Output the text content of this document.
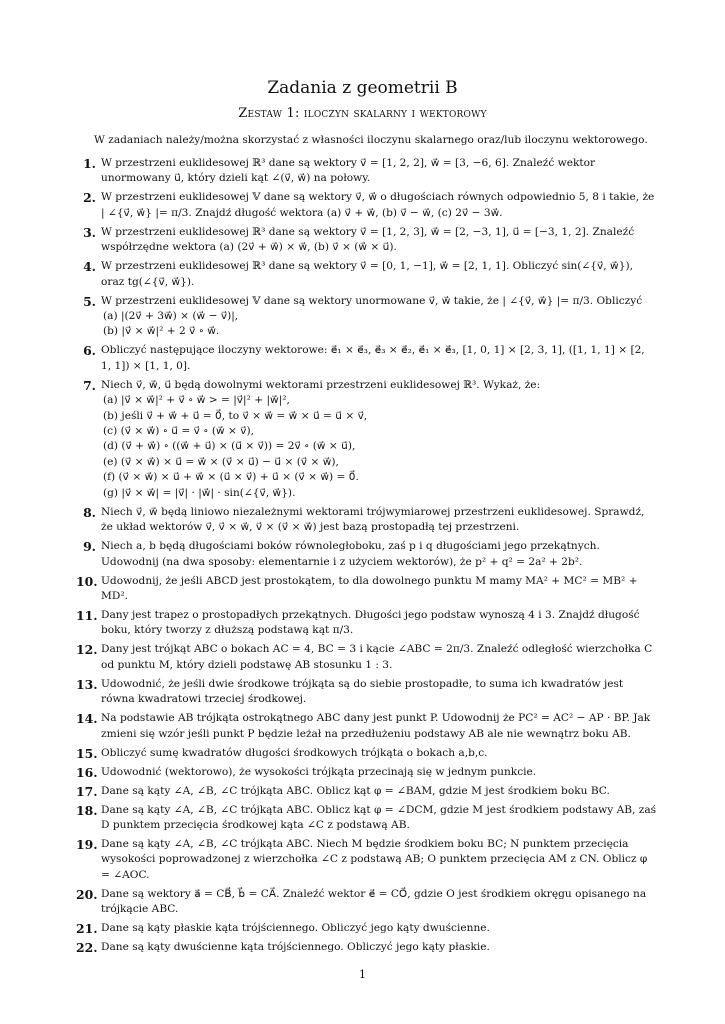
Zadania z geometrii B
Zestaw 1: iloczyn skalarny i wektorowy
W zadaniach należy/można skorzystać z własności iloczynu skalarnego oraz/lub iloczynu wektorowego.
1. W przestrzeni euklidesowej ℝ³ dane są wektory v⃗ = [1, 2, 2], w⃗ = [3, −6, 6]. Znaleźć wektor unormowany u⃗, który dzieli kąt ∠(v⃗, w⃗) na połowy.
2. W przestrzeni euklidesowej 𝕍 dane są wektory v⃗, w⃗ o długościach równych odpowiednio 5, 8 i takie, że | ∠{v⃗, w⃗} |= π/3. Znajdź długość wektora (a) v⃗ + w⃗, (b) v⃗ − w⃗, (c) 2v⃗ − 3w⃗.
3. W przestrzeni euklidesowej ℝ³ dane są wektory v⃗ = [1, 2, 3], w⃗ = [2, −3, 1], u⃗ = [−3, 1, 2]. Znaleźć współrzędne wektora (a) (2v⃗ + w⃗) × w⃗, (b) v⃗ × (w⃗ × u⃗).
4. W przestrzeni euklidesowej ℝ³ dane są wektory v⃗ = [0, 1, −1], w⃗ = [2, 1, 1]. Obliczyć sin(∠{v⃗, w⃗}), oraz tg(∠{v⃗, w⃗}).
5. W przestrzeni euklidesowej 𝕍 dane są wektory unormowane v⃗, w⃗ takie, że | ∠{v⃗, w⃗} |= π/3. Obliczyć
(a) |(2v⃗ + 3w⃗) × (w⃗ − v⃗)|,
(b) |v⃗ × w⃗|² + 2 v⃗ ∘ w⃗.
6. Obliczyć następujące iloczyny wektorowe: e⃗₁ × e⃗₃, e⃗₃ × e⃗₂, e⃗₁ × e⃗₃, [1, 0, 1] × [2, 3, 1], ([1, 1, 1] × [2, 1, 1]) × [1, 1, 0].
7. Niech v⃗, w⃗, u⃗ będą dowolnymi wektorami przestrzeni euklidesowej ℝ³. Wykaż, że:
(a) |v⃗ × w⃗|² + v⃗ ∘ w⃗ > = |v⃗|² + |w⃗|²,
(b) jeśli v⃗ + w⃗ + u⃗ = 0⃗, to v⃗ × w⃗ = w⃗ × u⃗ = u⃗ × v⃗,
(c) (v⃗ × w⃗) ∘ u⃗ = v⃗ ∘ (w⃗ × v⃗),
(d) (v⃗ + w⃗) ∘ ((w⃗ + u⃗) × (u⃗ × v⃗)) = 2v⃗ ∘ (w⃗ × u⃗),
(e) (v⃗ × w⃗) × u⃗ = w⃗ × (v⃗ × u⃗) − u⃗ × (v⃗ × w⃗),
(f) (v⃗ × w⃗) × u⃗ + w⃗ × (u⃗ × v⃗) + u⃗ × (v⃗ × w⃗) = 0⃗.
(g) |v⃗ × w⃗| = |v⃗| · |w⃗| · sin(∠{v⃗, w⃗}).
8. Niech v⃗, w⃗ będą liniowo niezależnymi wektorami trójwymiarowej przestrzeni euklidesowej. Sprawdź, że układ wektorów v⃗, v⃗ × w⃗, v⃗ × (v⃗ × w⃗) jest bazą prostopadłą tej przestrzeni.
9. Niech a, b będą długościami boków równoległoboku, zaś p i q długościami jego przekątnych. Udowodnij (na dwa sposoby: elementarnie i z użyciem wektorów), że p² + q² = 2a² + 2b².
10. Udowodnij, że jeśli ABCD jest prostokątem, to dla dowolnego punktu M mamy MA² + MC² = MB² + MD².
11. Dany jest trapez o prostopadłych przekątnych. Długości jego podstaw wynoszą 4 i 3. Znajdź długość boku, który tworzy z dłuższą podstawą kąt π/3.
12. Dany jest trójkąt ABC o bokach AC = 4, BC = 3 i kącie ∠ABC = 2π/3. Znaleźć odległość wierzchołka C od punktu M, który dzieli podstawę AB stosunku 1 : 3.
13. Udowodnić, że jeśli dwie środkowe trójkąta są do siebie prostopadłe, to suma ich kwadratów jest równa kwadratowi trzeciej środkowej.
14. Na podstawie AB trójkąta ostrokątnego ABC dany jest punkt P. Udowodnij że PC² = AC² − AP · BP. Jak zmieni się wzór jeśli punkt P będzie leżał na przedłużeniu podstawy AB ale nie wewnątrz boku AB.
15. Obliczyć sumę kwadratów długości środkowych trójkąta o bokach a,b,c.
16. Udowodnić (wektorowo), że wysokości trójkąta przecinają się w jednym punkcie.
17. Dane są kąty ∠A, ∠B, ∠C trójkąta ABC. Oblicz kąt φ = ∠BAM, gdzie M jest środkiem boku BC.
18. Dane są kąty ∠A, ∠B, ∠C trójkąta ABC. Oblicz kąt φ = ∠DCM, gdzie M jest środkiem podstawy AB, zaś D punktem przecięcia środkowej kąta ∠C z podstawą AB.
19. Dane są kąty ∠A, ∠B, ∠C trójkąta ABC. Niech M będzie środkiem boku BC; N punktem przecięcia wysokości poprowadzonej z wierzchołka ∠C z podstawą AB; O punktem przecięcia AM z CN. Oblicz φ = ∠AOC.
20. Dane są wektory a⃗ = CB⃗, b⃗ = CA⃗. Znaleźć wektor e⃗ = CO⃗, gdzie O jest środkiem okręgu opisanego na trójkącie ABC.
21. Dane są kąty płaskie kąta trójściennego. Obliczyć jego kąty dwuścienne.
22. Dane są kąty dwuścienne kąta trójściennego. Obliczyć jego kąty płaskie.
1
